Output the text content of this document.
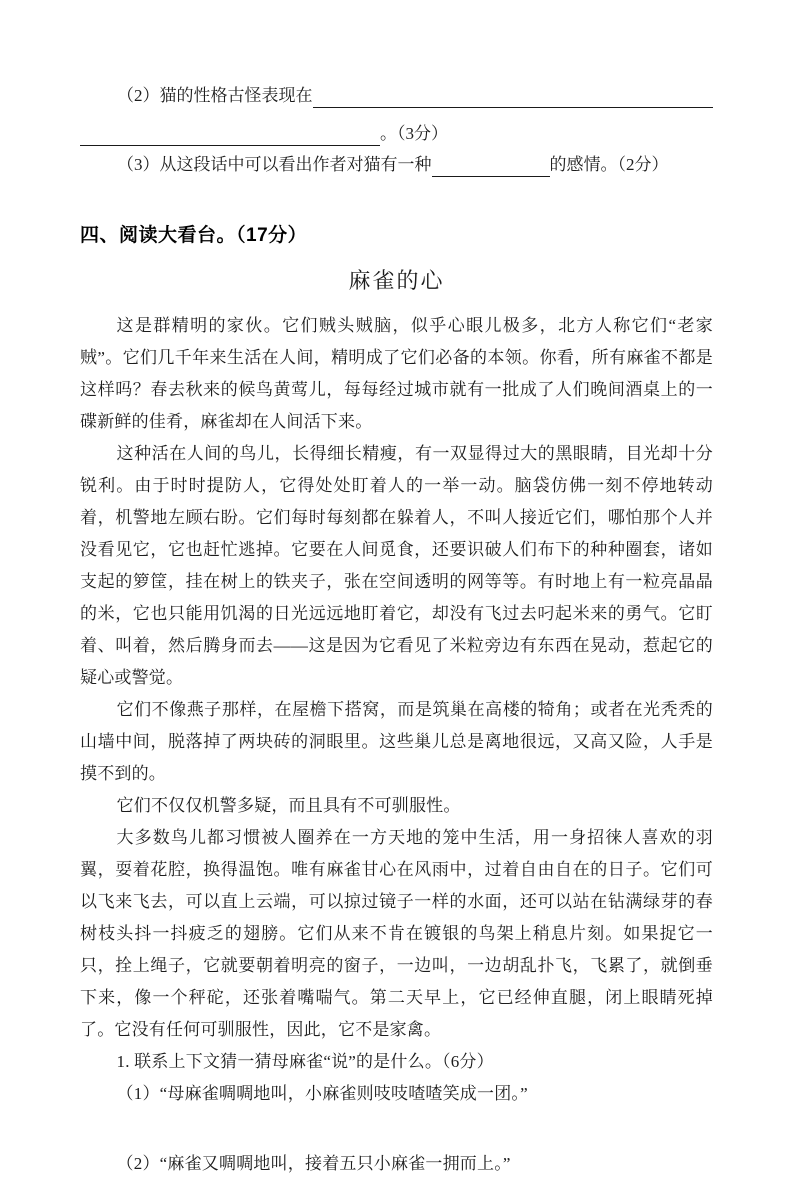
（2）猫的性格古怪表现在
。（3分）
（3）从这段话中可以看出作者对猫有一种	的感情。（2分）
四、阅读大看台。（17分）
麻雀的心

这是群精明的家伙。它们贼头贼脑，似乎心眼儿极多，北方人称它们“老家贼”。它们几千年来生活在人间，精明成了它们必备的本领。你看，所有麻雀不都是这样吗？春去秋来的候鸟黄莺儿，每每经过城市就有一批成了人们晚间酒桌上的一碟新鲜的佳肴，麻雀却在人间活下来。

这种活在人间的鸟儿，长得细长精瘦，有一双显得过大的黑眼睛，目光却十分锐利。由于时时提防人，它得处处盯着人的一举一动。脑袋仿佛一刻不停地转动着，机警地左顾右盼。它们每时每刻都在躲着人，不叫人接近它们，哪怕那个人并没看见它，它也赶忙逃掉。它要在人间觅食，还要识破人们布下的种种圈套，诸如支起的箩筐，挂在树上的铁夹子，张在空间透明的网等等。有时地上有一粒亮晶晶的米，它也只能用饥渴的日光远远地盯着它，却没有飞过去叼起米来的勇气。它盯着、叫着，然后腾身而去——这是因为它看见了米粒旁边有东西在晃动，惹起它的疑心或警觉。

它们不像燕子那样，在屋檐下搭窝，而是筑巢在高楼的犄角；或者在光秃秃的山墙中间，脱落掉了两块砖的洞眼里。这些巢儿总是离地很远，又高又险，人手是摸不到的。

它们不仅仅机警多疑，而且具有不可驯服性。

大多数鸟儿都习惯被人圈养在一方天地的笼中生活，用一身招徕人喜欢的羽翼，耍着花腔，换得温饱。唯有麻雀甘心在风雨中，过着自由自在的日子。它们可以飞来飞去，可以直上云端，可以掠过镜子一样的水面，还可以站在钻满绿芽的春树枝头抖一抖疲乏的翅膀。它们从来不肯在镀银的鸟架上稍息片刻。如果捉它一只，拴上绳子，它就要朝着明亮的窗子，一边叫，一边胡乱扑飞，飞累了，就倒垂下来，像一个秤砣，还张着嘴喘气。第二天早上，它已经伸直腿，闭上眼睛死掉了。它没有任何可驯服性，因此，它不是家禽。

1. 联系上下文猜一猜母麻雀“说”的是什么。（6分）

（1）“母麻雀啁啁地叫，小麻雀则吱吱喳喳笑成一团。”

（2）“麻雀又啁啁地叫，接着五只小麻雀一拥而上。”
